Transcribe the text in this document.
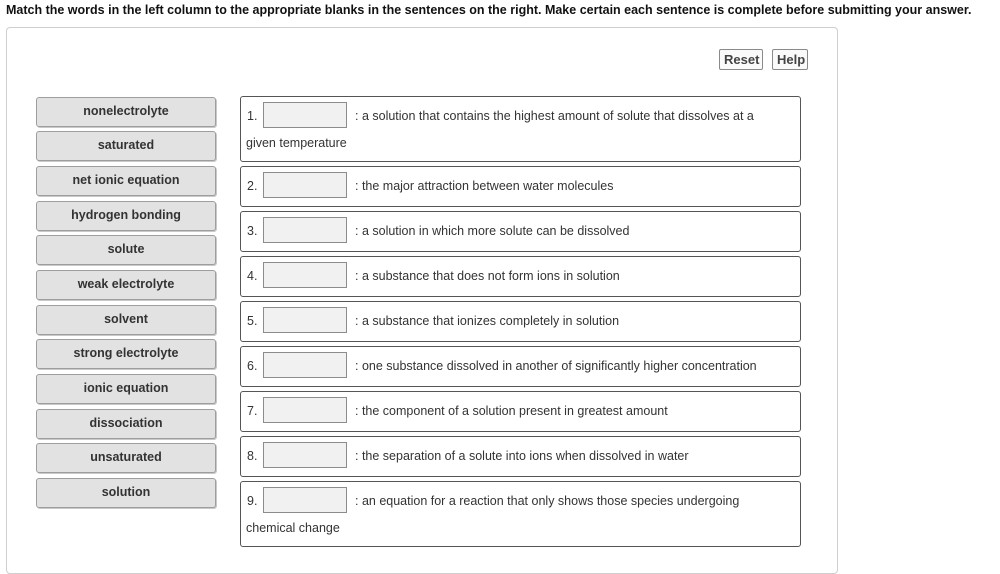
Match the words in the left column to the appropriate blanks in the sentences on the right. Make certain each sentence is complete before submitting your answer.
Reset	Help
nonelectrolyte
saturated
net ionic equation
hydrogen bonding
solute
weak electrolyte
solvent
strong electrolyte
ionic equation
dissociation
unsaturated
solution
1.	: a solution that contains the highest amount of solute that dissolves at a
given temperature
2.	: the major attraction between water molecules
3.	: a solution in which more solute can be dissolved
4.	: a substance that does not form ions in solution
5.	: a substance that ionizes completely in solution
6.	: one substance dissolved in another of significantly higher concentration
7.	: the component of a solution present in greatest amount
8.	: the separation of a solute into ions when dissolved in water
9.	: an equation for a reaction that only shows those species undergoing
chemical change
